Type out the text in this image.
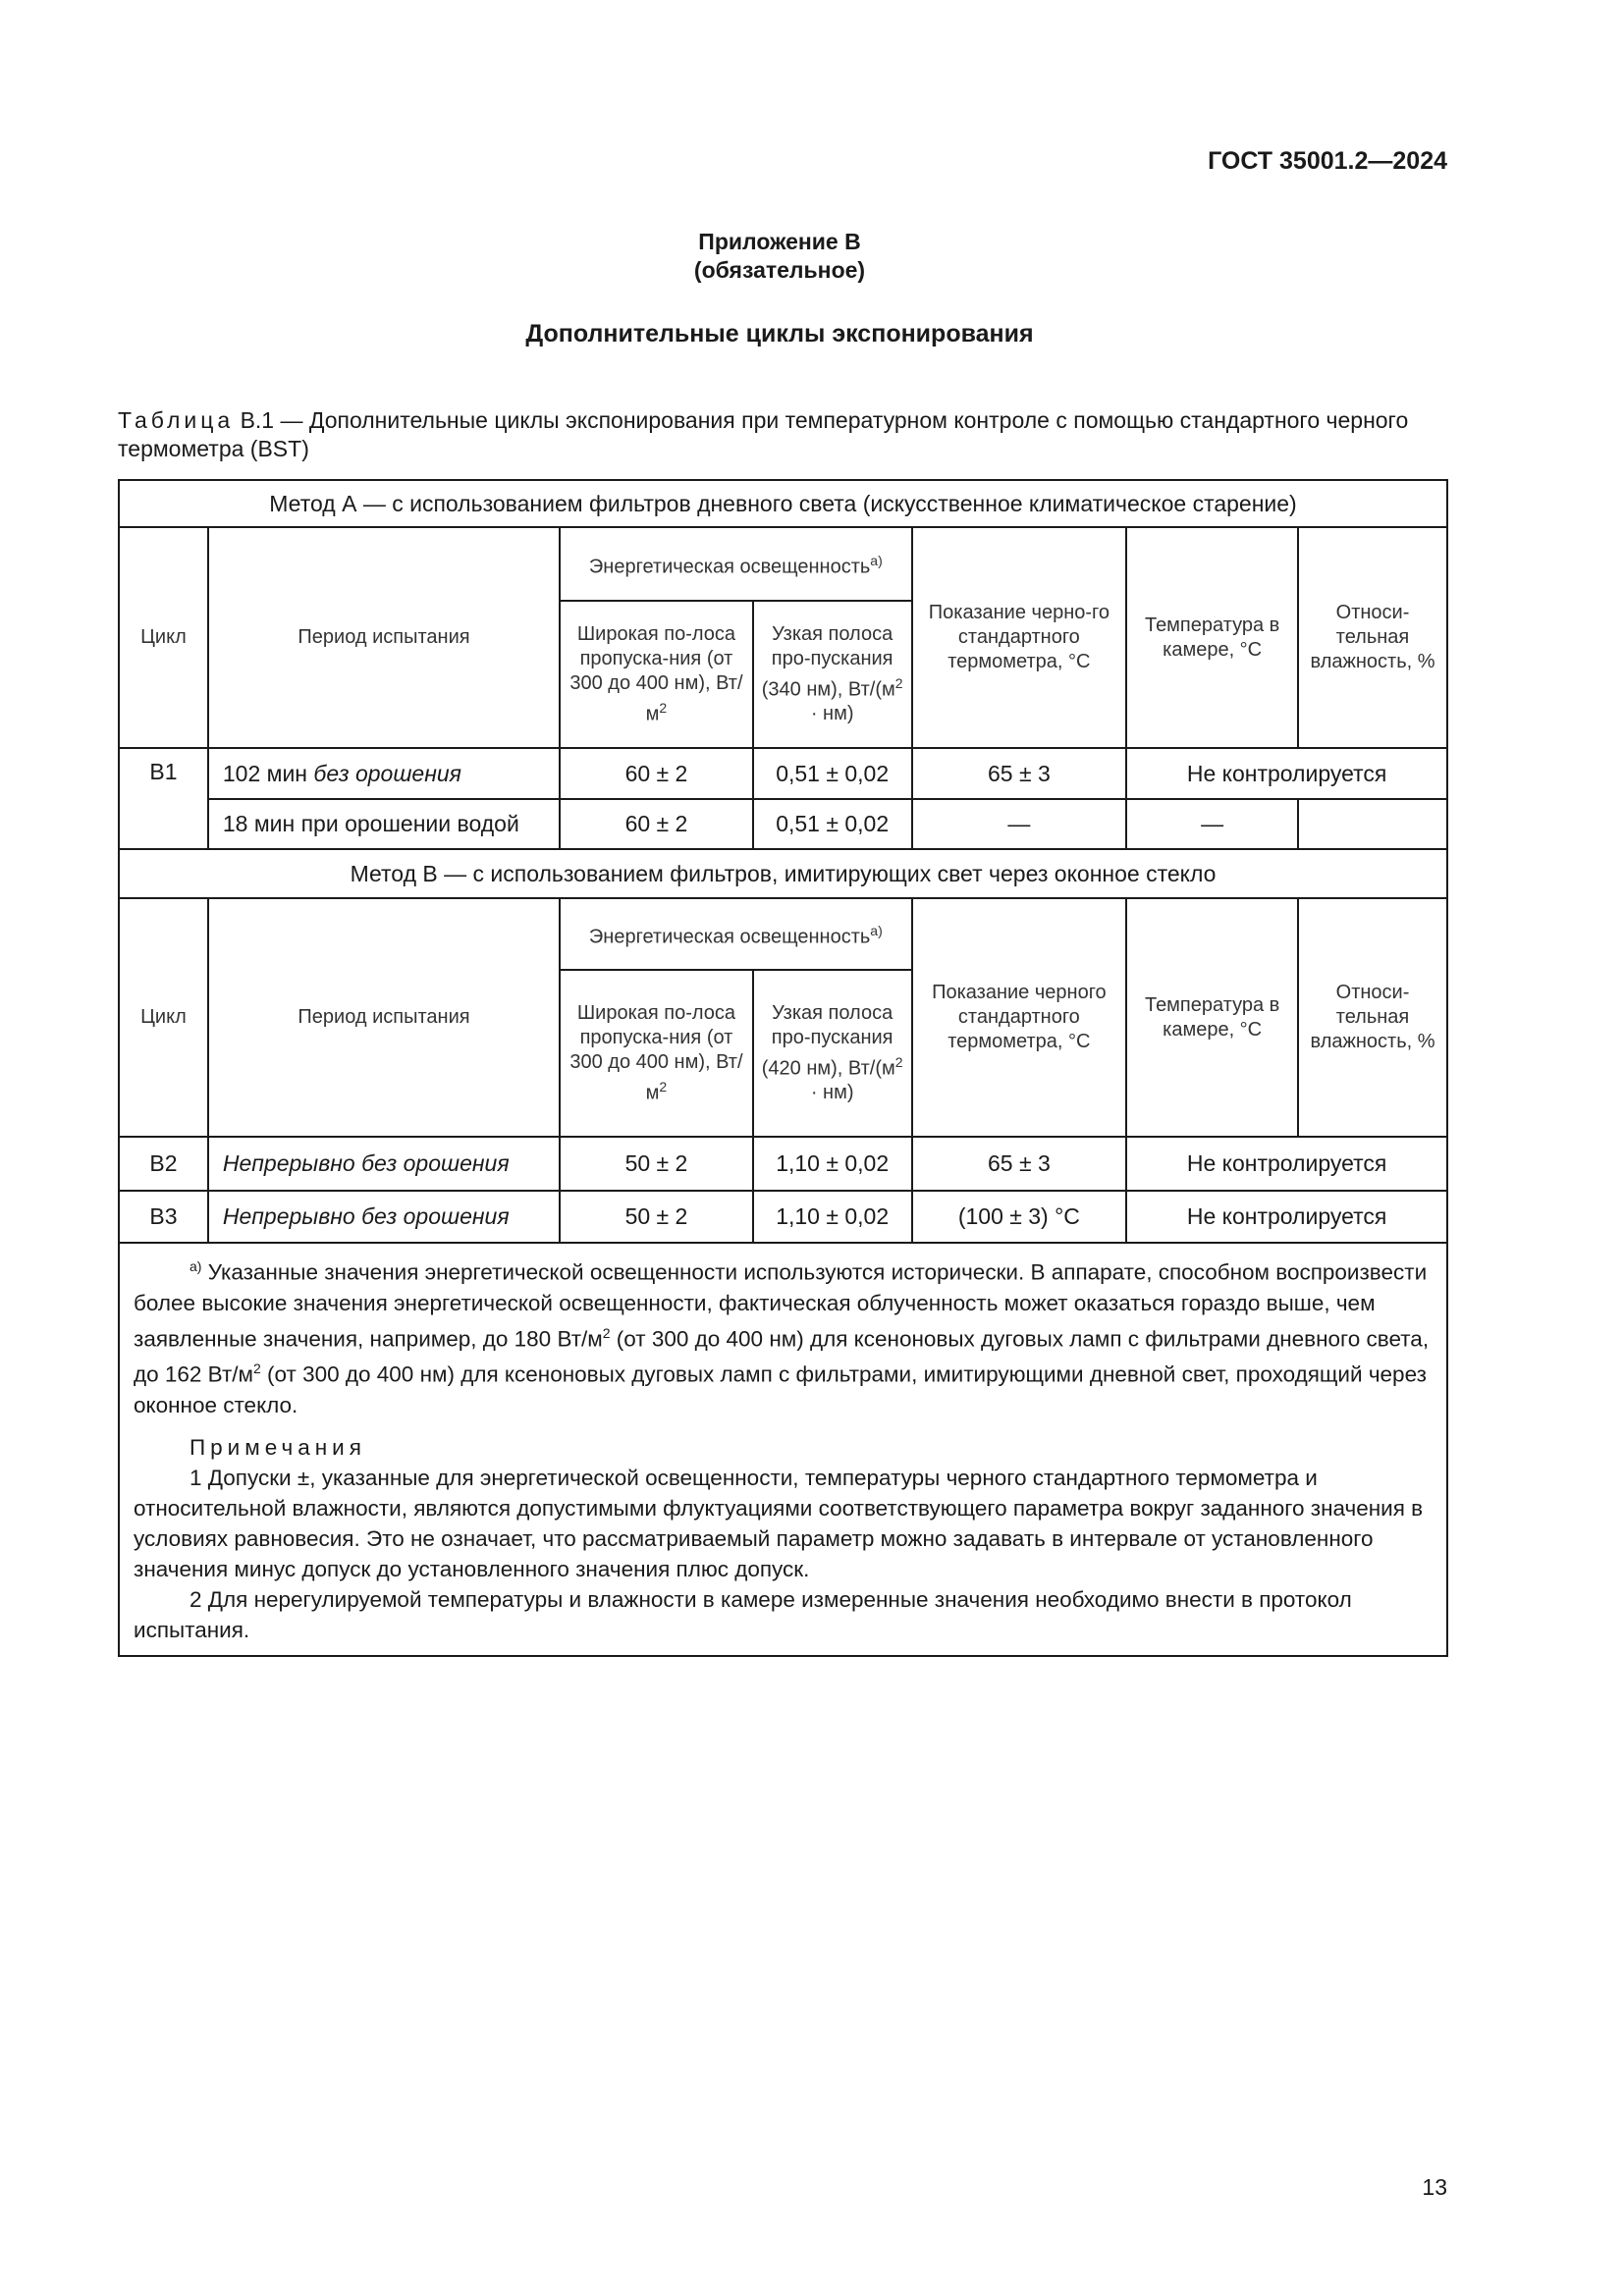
ГОСТ 35001.2—2024
Приложение В
(обязательное)
Дополнительные циклы экспонирования
Таблица В.1 — Дополнительные циклы экспонирования при температурном контроле с помощью стандартного черного термометра (BST)
Метод А — с использованием фильтров дневного света (искусственное климатическое старение)						
Цикл	Период испытания	Энергетическая освещенность$^{а)}$		Показание черно-го стандартного термометра, °C	Температура в камере, °C	Относи-тельная влажность, %
		Широкая по-лоса пропуска-ния (от 300 до 400 нм), $Вт/м^2$	Узкая полоса про-пускания (340 нм), $Вт/(м^2 \cdot нм)$			
B1	102 мин без орошения	60 ± 2	0,51 ± 0,02	65 ± 3	Не контролируется	
	18 мин при орошении водой	60 ± 2	0,51 ± 0,02	—	—	
Метод В — с использованием фильтров, имитирующих свет через оконное стекло						
Цикл	Период испытания	Энергетическая освещенность$^{а)}$		Показание черного стандартного термометра, °C	Температура в камере, °C	Относи-тельная влажность, %
		Широкая по-лоса пропуска-ния (от 300 до 400 нм), $Вт/м^2$	Узкая полоса про-пускания (420 нм), $Вт/(м^2 \cdot нм)$			
B2	Непрерывно без орошения	50 ± 2	1,10 ± 0,02	65 ± 3	Не контролируется	
B3	Непрерывно без орошения	50 ± 2	1,10 ± 0,02	(100 ± 3) °C	Не контролируется	

$^{а)}$ Указанные значения энергетической освещенности используются исторически. В аппарате, способном воспроизвести более высокие значения энергетической освещенности, фактическая облученность может оказаться гораздо выше, чем заявленные значения, например, до 180 $Вт/м^2$ (от 300 до 400 нм) для ксеноновых дуговых ламп с фильтрами дневного света, до 162 $Вт/м^2$ (от 300 до 400 нм) для ксеноновых дуговых ламп с фильтрами, имитирующими дневной свет, проходящий через оконное стекло.

Примечания

1 Допуски ±, указанные для энергетической освещенности, температуры черного стандартного термометра и относительной влажности, являются допустимыми флуктуациями соответствующего параметра вокруг заданного значения в условиях равновесия. Это не означает, что рассматриваемый параметр можно задавать в интервале от установленного значения минус допуск до установленного значения плюс допуск.

2 Для нерегулируемой температуры и влажности в камере измеренные значения необходимо внести в протокол испытания.						

13
